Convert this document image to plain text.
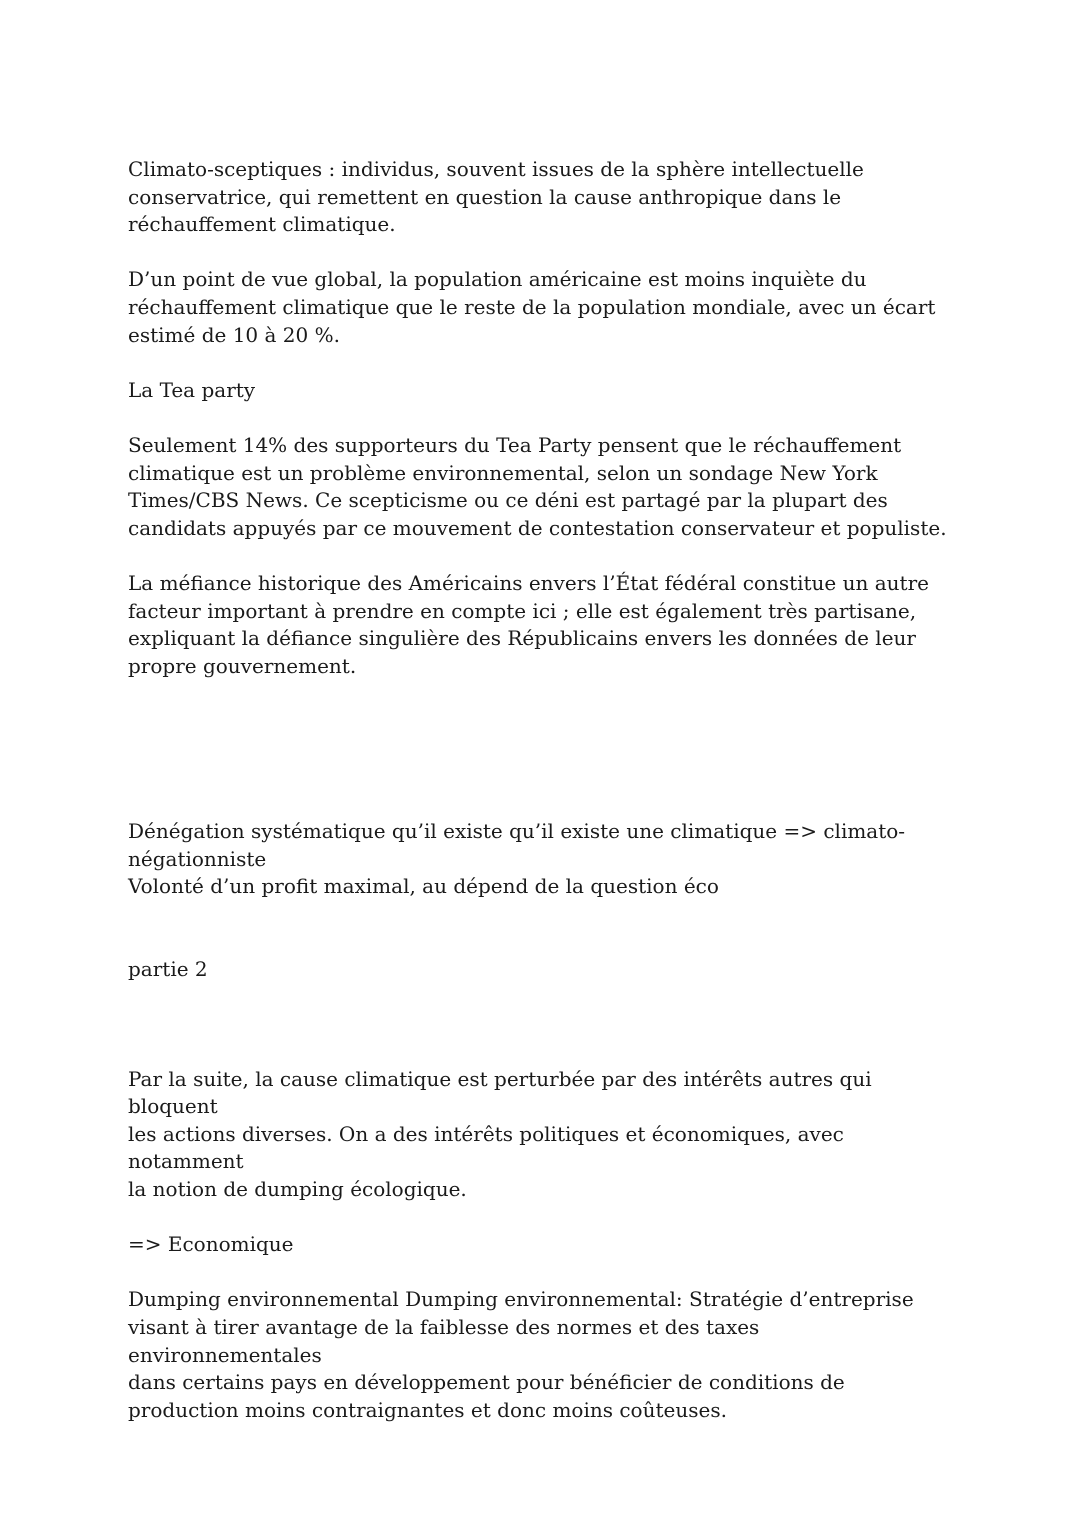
Climato-sceptiques : individus, souvent issues de la sphère intellectuelle
conservatrice, qui remettent en question la cause anthropique dans le
réchauffement climatique.

D’un point de vue global, la population américaine est moins inquiète du
réchauffement climatique que le reste de la population mondiale, avec un écart
estimé de 10 à 20 %.

La Tea party

Seulement 14% des supporteurs du Tea Party pensent que le réchauffement
climatique est un problème environnemental, selon un sondage New York
Times/CBS News. Ce scepticisme ou ce déni est partagé par la plupart des
candidats appuyés par ce mouvement de contestation conservateur et populiste.

La méfiance historique des Américains envers l’État fédéral constitue un autre
facteur important à prendre en compte ici ; elle est également très partisane,
expliquant la défiance singulière des Républicains envers les données de leur
propre gouvernement.

Dénégation systématique qu’il existe qu’il existe une climatique => climato-
négationniste
Volonté d’un profit maximal, au dépend de la question éco

partie 2

Par la suite, la cause climatique est perturbée par des intérêts autres qui bloquent
les actions diverses. On a des intérêts politiques et économiques, avec notamment
la notion de dumping écologique.

=> Economique

Dumping environnemental Dumping environnemental: Stratégie d’entreprise
visant à tirer avantage de la faiblesse des normes et des taxes environnementales
dans certains pays en développement pour bénéficier de conditions de
production moins contraignantes et donc moins coûteuses.
